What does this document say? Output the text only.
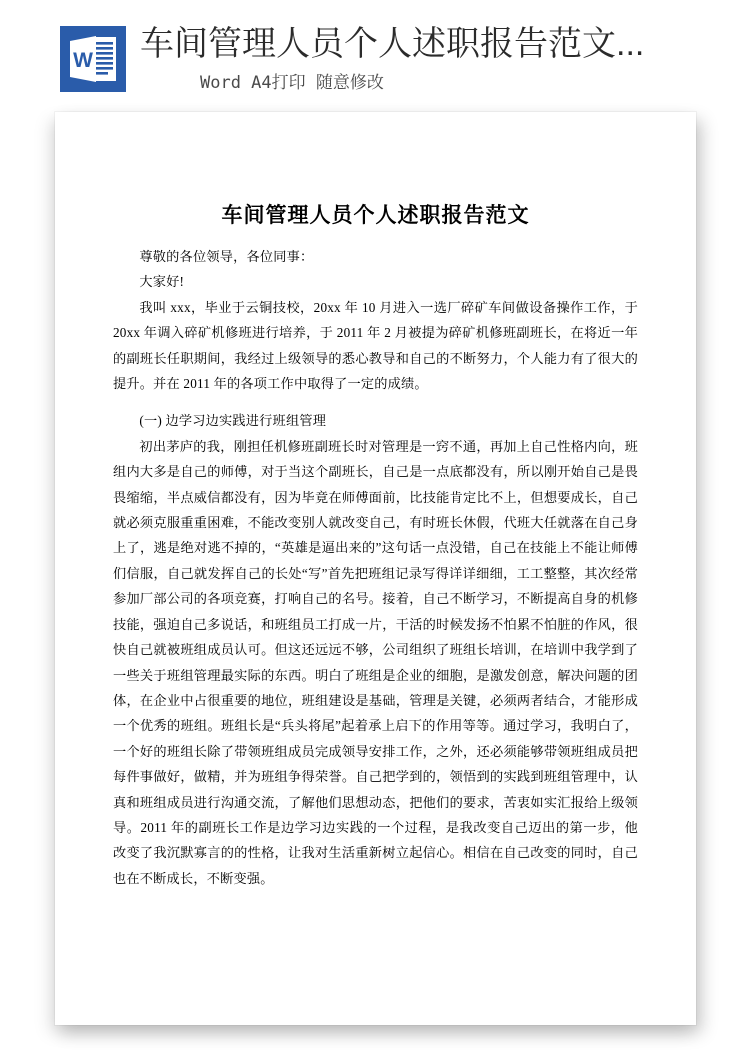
W 车间管理人员个人述职报告范文...
Word A4打印 随意修改
车间管理人员个人述职报告范文

尊敬的各位领导，各位同事：

大家好!

我叫 xxx，毕业于云铜技校，20xx 年 10 月进入一选厂碎矿车间做设备操作工作，于 20xx 年调入碎矿机修班进行培养，于 2011 年 2 月被提为碎矿机修班副班长，在将近一年的副班长任职期间，我经过上级领导的悉心教导和自己的不断努力，个人能力有了很大的提升。并在 2011 年的各项工作中取得了一定的成绩。

(一) 边学习边实践进行班组管理

初出茅庐的我，刚担任机修班副班长时对管理是一窍不通，再加上自己性格内向，班组内大多是自己的师傅，对于当这个副班长，自己是一点底都没有，所以刚开始自己是畏畏缩缩，半点威信都没有，因为毕竟在师傅面前，比技能肯定比不上，但想要成长，自己就必须克服重重困难，不能改变别人就改变自己，有时班长休假，代班大任就落在自己身上了，逃是绝对逃不掉的，“英雄是逼出来的”这句话一点没错，自己在技能上不能让师傅们信服，自己就发挥自己的长处“写”首先把班组记录写得详详细细，工工整整，其次经常参加厂部公司的各项竞赛，打响自己的名号。接着，自己不断学习，不断提高自身的机修技能，强迫自己多说话，和班组员工打成一片，干活的时候发扬不怕累不怕脏的作风，很快自己就被班组成员认可。但这还远远不够，公司组织了班组长培训，在培训中我学到了一些关于班组管理最实际的东西。明白了班组是企业的细胞，是激发创意，解决问题的团体，在企业中占很重要的地位，班组建设是基础，管理是关键，必须两者结合，才能形成一个优秀的班组。班组长是“兵头将尾”起着承上启下的作用等等。通过学习，我明白了，一个好的班组长除了带领班组成员完成领导安排工作，之外，还必须能够带领班组成员把每件事做好，做精，并为班组争得荣誉。自己把学到的，领悟到的实践到班组管理中，认真和班组成员进行沟通交流，了解他们思想动态，把他们的要求，苦衷如实汇报给上级领导。2011 年的副班长工作是边学习边实践的一个过程，是我改变自己迈出的第一步，他改变了我沉默寡言的的性格，让我对生活重新树立起信心。相信在自己改变的同时，自己也在不断成长，不断变强。
